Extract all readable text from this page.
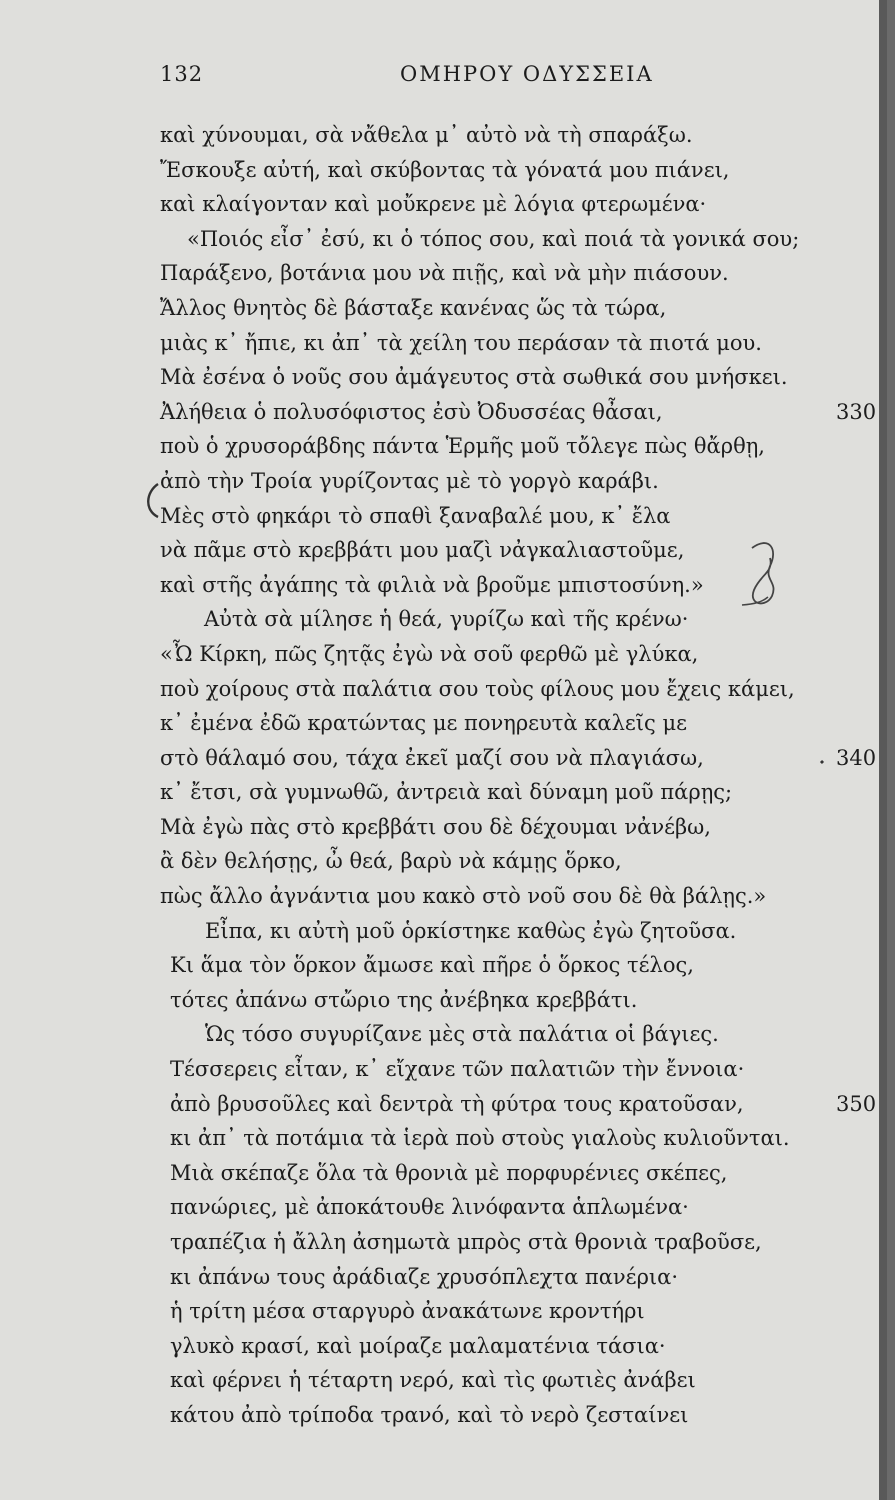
132	ΟΜΗΡΟΥ ΟΔΥΣΣΕΙΑ
καὶ χύνουμαι, σὰ νἄθελα μ᾽ αὐτὸ νὰ τὴ σπαράξω.
Ἔσκουξε αὐτή, καὶ σκύβοντας τὰ γόνατά μου πιάνει,
καὶ κλαίγονταν καὶ μοὔκρενε μὲ λόγια φτερωμένα·
«Ποιός εἶσ᾽ ἐσύ, κι ὁ τόπος σου, καὶ ποιά τὰ γονικά σου;
Παράξενο, βοτάνια μου νὰ πιῇς, καὶ νὰ μὴν πιάσουν.
Ἄλλος θνητὸς δὲ βάσταξε κανένας ὥς τὰ τώρα,
μιὰς κ᾽ ἤπιε, κι ἀπ᾽ τὰ χείλη του περάσαν τὰ πιοτά μου.
Μὰ ἐσένα ὁ νοῦς σου ἀμάγευτος στὰ σωθικά σου μνήσκει.
Ἀλήθεια ὁ πολυσόφιστος ἐσὺ Ὀδυσσέας θἆσαι,	330
ποὺ ὁ χρυσοράβδης πάντα Ἑρμῆς μοῦ τὄλεγε πὼς θἄρθῃ,
ἀπὸ τὴν Τροία γυρίζοντας μὲ τὸ γοργὸ καράβι.
Μὲς στὸ φηκάρι τὸ σπαθὶ ξαναβαλέ μου, κ᾽ ἔλα
νὰ πᾶμε στὸ κρεββάτι μου μαζὶ νἀγκαλιαστοῦμε,
καὶ στῆς ἀγάπης τὰ φιλιὰ νὰ βροῦμε μπιστοσύνη.»
Αὐτὰ σὰ μίλησε ἡ θεά, γυρίζω καὶ τῆς κρένω·
«Ὦ Κίρκη, πῶς ζητᾷς ἐγὼ νὰ σοῦ φερθῶ μὲ γλύκα,
ποὺ χοίρους στὰ παλάτια σου τοὺς φίλους μου ἔχεις κάμει,
κ᾽ ἐμένα ἐδῶ κρατώντας με πονηρευτὰ καλεῖς με
στὸ θάλαμό σου, τάχα ἐκεῖ μαζί σου νὰ πλαγιάσω,	340
κ᾽ ἔτσι, σὰ γυμνωθῶ, ἀντρειὰ καὶ δύναμη μοῦ πάρῃς;
Μὰ ἐγὼ πὰς στὸ κρεββάτι σου δὲ δέχουμαι νἀνέβω,
ἂ δὲν θελήσῃς, ὦ θεά, βαρὺ νὰ κάμῃς ὅρκο,
πὼς ἄλλο ἀγνάντια μου κακὸ στὸ νοῦ σου δὲ θὰ βάλῃς.»
Εἶπα, κι αὐτὴ μοῦ ὁρκίστηκε καθὼς ἐγὼ ζητοῦσα.
Κι ἅμα τὸν ὅρκον ἄμωσε καὶ πῆρε ὁ ὅρκος τέλος,
τότες ἀπάνω στὤριο της ἀνέβηκα κρεββάτι.
Ὡς τόσο συγυρίζανε μὲς στὰ παλάτια οἱ βάγιες.
Τέσσερεις εἶταν, κ᾽ εἴχανε τῶν παλατιῶν τὴν ἔννοια·
ἀπὸ βρυσοῦλες καὶ δεντρὰ τὴ φύτρα τους κρατοῦσαν,	350
κι ἀπ᾽ τὰ ποτάμια τὰ ἱερὰ ποὺ στοὺς γιαλοὺς κυλιοῦνται.
Μιὰ σκέπαζε ὅλα τὰ θρονιὰ μὲ πορφυρένιες σκέπες,
πανώριες, μὲ ἀποκάτουθε λινόφαντα ἁπλωμένα·
τραπέζια ἡ ἄλλη ἀσημωτὰ μπρὸς στὰ θρονιὰ τραβοῦσε,
κι ἀπάνω τους ἀράδιαζε χρυσόπλεχτα πανέρια·
ἡ τρίτη μέσα σταργυρὸ ἀνακάτωνε κροντήρι
γλυκὸ κρασί, καὶ μοίραζε μαλαματένια τάσια·
καὶ φέρνει ἡ τέταρτη νερό, καὶ τὶς φωτιὲς ἀνάβει
κάτου ἀπὸ τρίποδα τρανό, καὶ τὸ νερὸ ζεσταίνει
